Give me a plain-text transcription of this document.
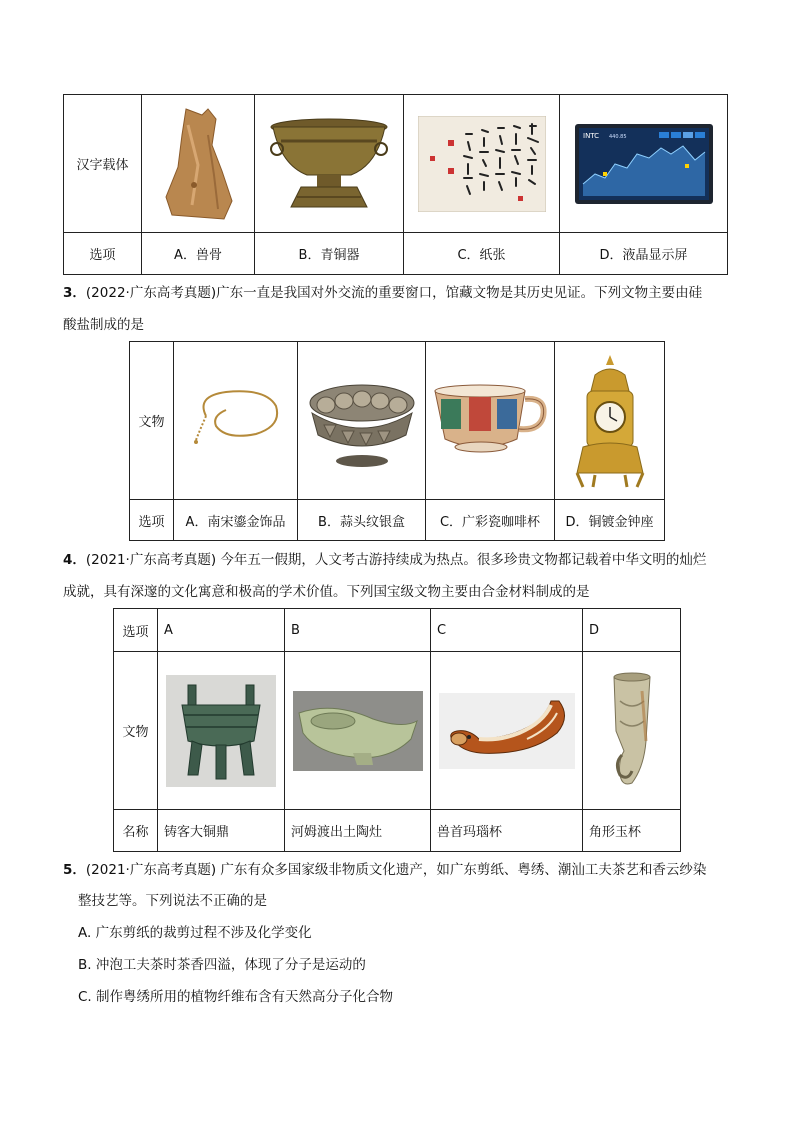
汉字载体				INTC 440.85

选项	A．兽骨	B．青铜器	C．纸张	D．液晶显示屏
3．(2022·广东高考真题)广东一直是我国对外交流的重要窗口，馆藏文物是其历史见证。下列文物主要由硅
酸盐制成的是
文物	

选项	A．南宋鎏金饰品	B．蒜头纹银盒	C．广彩瓷咖啡杯	D．铜镀金钟座
4．(2021·广东高考真题) 今年五一假期，人文考古游持续成为热点。很多珍贵文物都记载着中华文明的灿烂
成就，具有深邃的文化寓意和极高的学术价值。下列国宝级文物主要由合金材料制成的是
选项	A	B	C	D
文物	

名称	铸客大铜鼎	河姆渡出土陶灶	兽首玛瑙杯	角形玉杯
5．(2021·广东高考真题) 广东有众多国家级非物质文化遗产，如广东剪纸、粤绣、潮汕工夫茶艺和香云纱染
整技艺等。下列说法不正确的是
A. 广东剪纸的裁剪过程不涉及化学变化
B. 冲泡工夫茶时茶香四溢，体现了分子是运动的
C. 制作粤绣所用的植物纤维布含有天然高分子化合物
